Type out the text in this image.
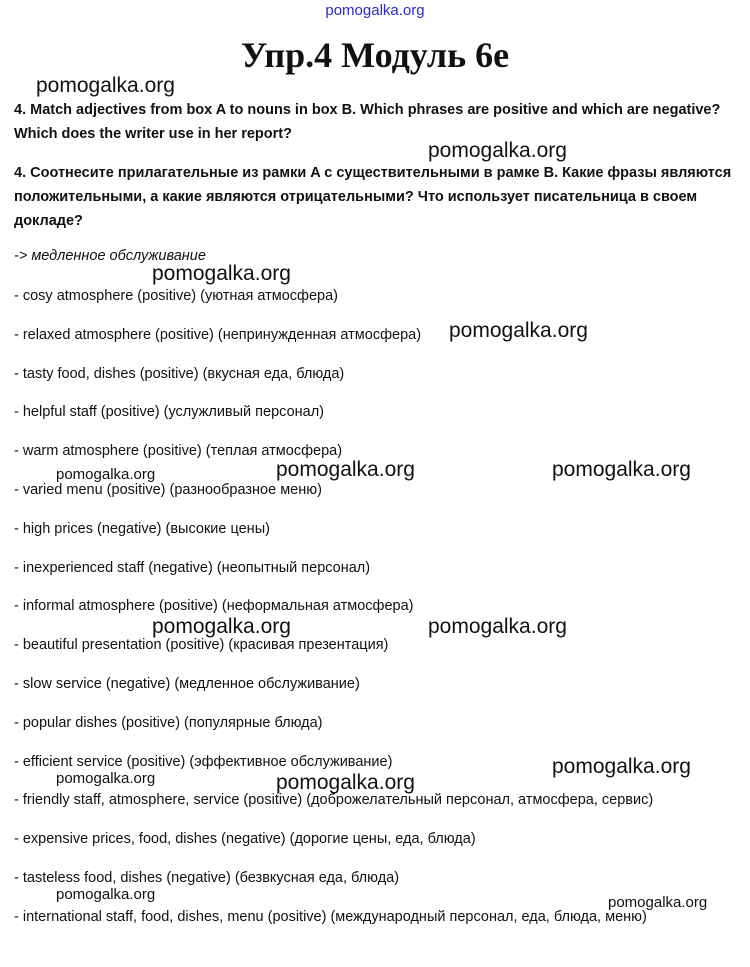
pomogalka.org
Упр.4 Модуль 6е
4. Match adjectives from box A to nouns in box B. Which phrases are positive and which are negative? Which does the writer use in her report?
4. Соотнесите прилагательные из рамки A с существительными в рамке B. Какие фразы являются положительными, а какие являются отрицательными? Что использует писательница в своем докладе?
-> медленное обслуживание
- cosy atmosphere (positive) (уютная атмосфера)
- relaxed atmosphere (positive) (непринужденная атмосфера)
- tasty food, dishes (positive) (вкусная еда, блюда)
- helpful staff (positive) (услужливый персонал)
- warm atmosphere (positive) (теплая атмосфера)
- varied menu (positive) (разнообразное меню)
- high prices (negative) (высокие цены)
- inexperienced staff (negative) (неопытный персонал)
- informal atmosphere (positive) (неформальная атмосфера)
- beautiful presentation (positive) (красивая презентация)
- slow service (negative) (медленное обслуживание)
- popular dishes (positive) (популярные блюда)
- efficient service (positive) (эффективное обслуживание)
- friendly staff, atmosphere, service (positive) (доброжелательный персонал, атмосфера, сервис)
- expensive prices, food, dishes (negative) (дорогие цены, еда, блюда)
- tasteless food, dishes (negative) (безвкусная еда, блюда)
- international staff, food, dishes, menu (positive) (международный персонал, еда, блюда, меню)
pomogalka.org
pomogalka.org
pomogalka.org
pomogalka.org
pomogalka.org	pomogalka.org	pomogalka.org
pomogalka.org	pomogalka.org
pomogalka.org	pomogalka.org
pomogalka.org
pomogalka.org	pomogalka.org
